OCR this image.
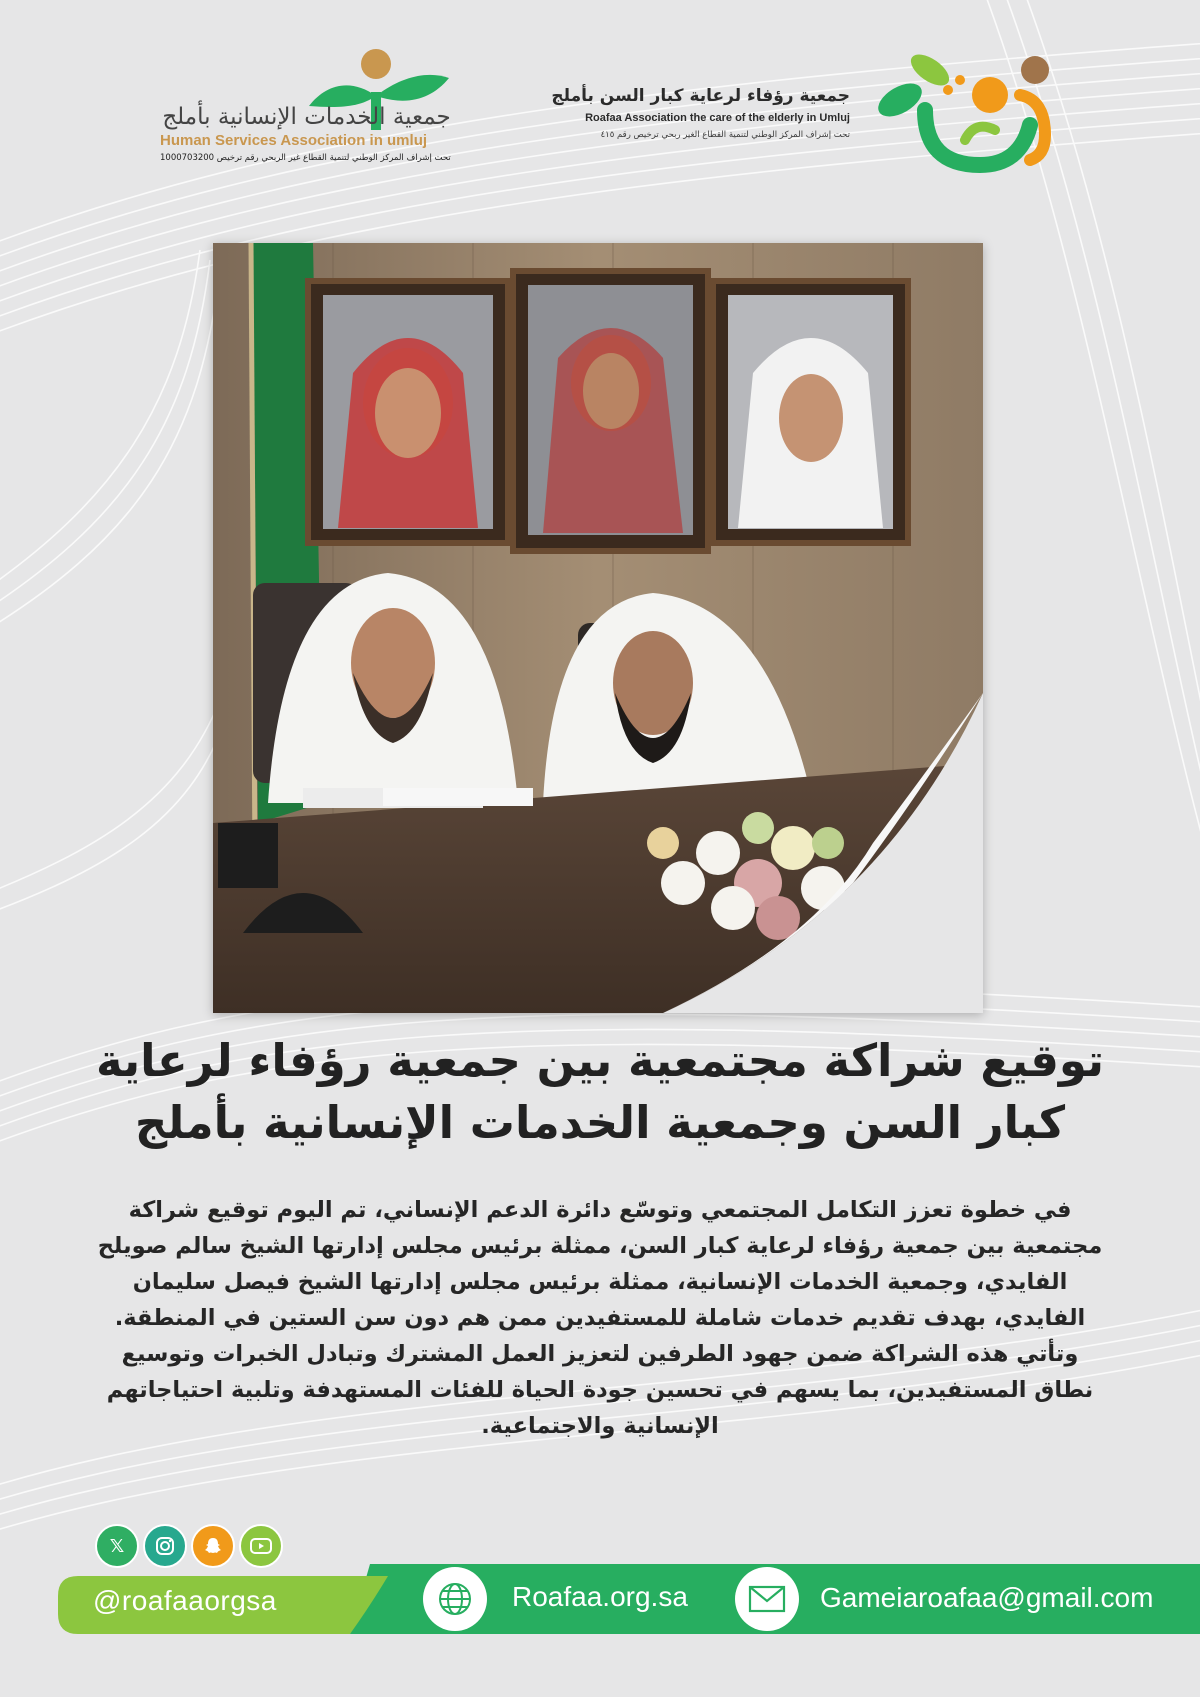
جمعية رؤفاء لرعاية كبار السن بأملج
Roafaa Association the care of the elderly in Umluj
تحت إشراف المركز الوطني لتنمية القطاع الغير ربحي ترخيص رقم ٤١٥
جمعية الخدمات الإنسانية بأملج
Human Services Association in umluj
تحت إشراف المركز الوطني لتنمية القطاع غير الربحي رقم ترخيص 1000703200
توقيع شراكة مجتمعية بين جمعية رؤفاء لرعاية
كبار السن وجمعية الخدمات الإنسانية بأملج

في خطوة تعزز التكامل المجتمعي وتوسّع دائرة الدعم الإنساني، تم اليوم توقيع شراكة مجتمعية بين جمعية رؤفاء لرعاية كبار السن، ممثلة برئيس مجلس إدارتها الشيخ سالم صويلح الفايدي، وجمعية الخدمات الإنسانية، ممثلة برئيس مجلس إدارتها الشيخ فيصل سليمان الفايدي، بهدف تقديم خدمات شاملة للمستفيدين ممن هم دون سن الستين في المنطقة.

وتأتي هذه الشراكة ضمن جهود الطرفين لتعزيز العمل المشترك وتبادل الخبرات وتوسيع نطاق المستفيدين، بما يسهم في تحسين جودة الحياة للفئات المستهدفة وتلبية احتياجاتهم الإنسانية والاجتماعية.

𝕏
@roafaaorgsa	Roafaa.org.sa	Gameiaroafaa@gmail.com
